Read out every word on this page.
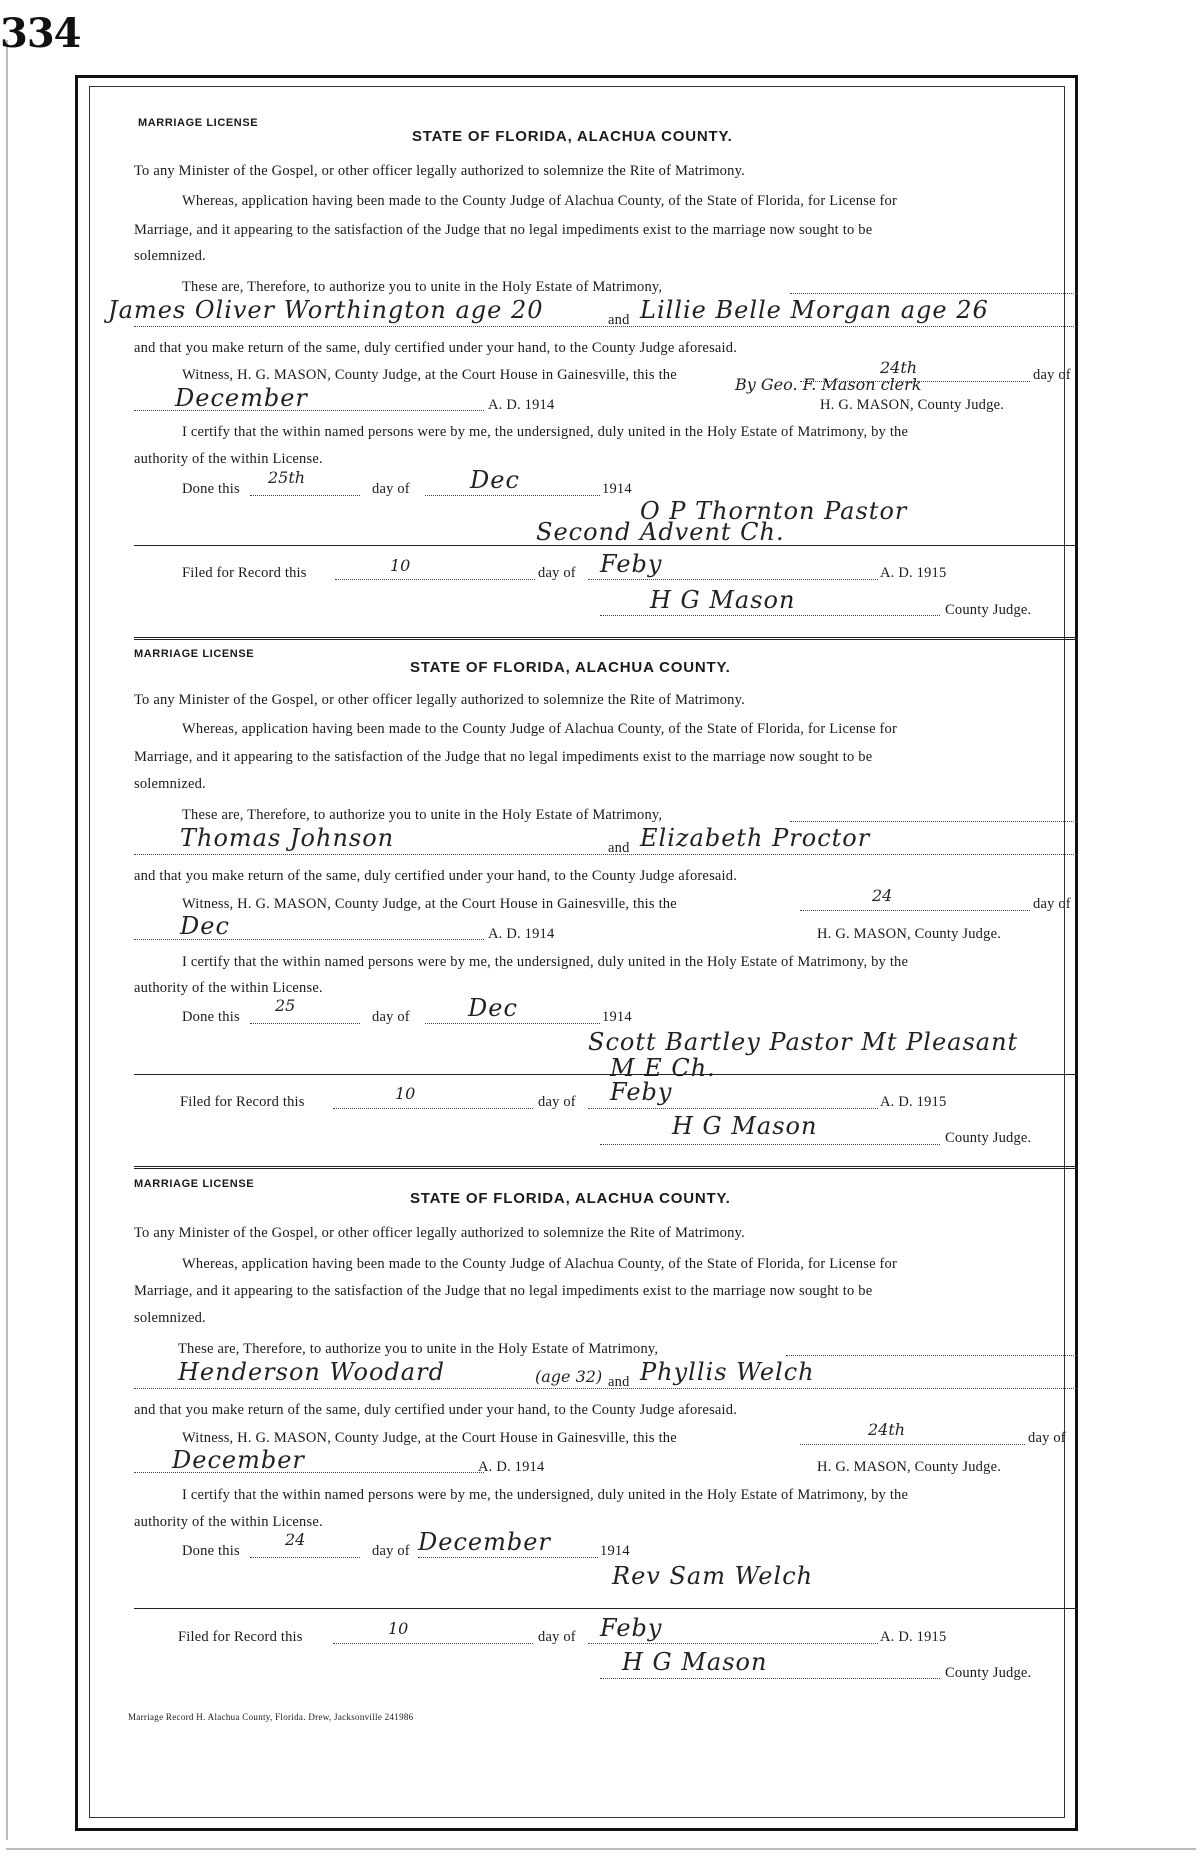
334
MARRIAGE LICENSE
STATE OF FLORIDA, ALACHUA COUNTY.
To any Minister of the Gospel, or other officer legally authorized to solemnize the Rite of Matrimony.
Whereas, application having been made to the County Judge of Alachua County, of the State of Florida, for License for
Marriage, and it appearing to the satisfaction of the Judge that no legal impediments exist to the marriage now sought to be
solemnized.
These are, Therefore, to authorize you to unite in the Holy Estate of Matrimony,
James Oliver Worthington age 20	and Lillie Belle Morgan age 26
and that you make return of the same, duly certified under your hand, to the County Judge aforesaid.
Witness, H. G. MASON, County Judge, at the Court House in Gainesville, this the	24th	day of
December	A. D. 1914
By Geo. F. Mason clerk
H. G. MASON, County Judge.
I certify that the within named persons were by me, the undersigned, duly united in the Holy Estate of Matrimony, by the
authority of the within License.
Done this
25th
day of	Dec	1914
O P Thornton Pastor
Second Advent Ch.
Filed for Record this	10	day of Feby	A. D. 1915
H G Mason	County Judge.
MARRIAGE LICENSE
STATE OF FLORIDA, ALACHUA COUNTY.
To any Minister of the Gospel, or other officer legally authorized to solemnize the Rite of Matrimony.
Whereas, application having been made to the County Judge of Alachua County, of the State of Florida, for License for
Marriage, and it appearing to the satisfaction of the Judge that no legal impediments exist to the marriage now sought to be
solemnized.
These are, Therefore, to authorize you to unite in the Holy Estate of Matrimony,
Thomas Johnson	and Elizabeth Proctor
and that you make return of the same, duly certified under your hand, to the County Judge aforesaid.
Witness, H. G. MASON, County Judge, at the Court House in Gainesville, this the	24	day of
Dec	A. D. 1914	H. G. MASON, County Judge.
I certify that the within named persons were by me, the undersigned, duly united in the Holy Estate of Matrimony, by the
authority of the within License.
Done this
25
day of Dec	1914
Scott Bartley Pastor Mt Pleasant
M E Ch.
Filed for Record this	10	day of Feby	A. D. 1915
H G Mason	County Judge.
MARRIAGE LICENSE
STATE OF FLORIDA, ALACHUA COUNTY.
To any Minister of the Gospel, or other officer legally authorized to solemnize the Rite of Matrimony.
Whereas, application having been made to the County Judge of Alachua County, of the State of Florida, for License for
Marriage, and it appearing to the satisfaction of the Judge that no legal impediments exist to the marriage now sought to be
solemnized.
These are, Therefore, to authorize you to unite in the Holy Estate of Matrimony,
Henderson Woodard	(age 32) and Phyllis Welch
and that you make return of the same, duly certified under your hand, to the County Judge aforesaid.
Witness, H. G. MASON, County Judge, at the Court House in Gainesville, this the	24th	day of
December	A. D. 1914	H. G. MASON, County Judge.
I certify that the within named persons were by me, the undersigned, duly united in the Holy Estate of Matrimony, by the
authority of the within License.
Done this
24
day of December	1914
Rev Sam Welch
Filed for Record this	10	day of Feby	A. D. 1915
H G Mason	County Judge.
Marriage Record H. Alachua County, Florida. Drew, Jacksonville 241986
